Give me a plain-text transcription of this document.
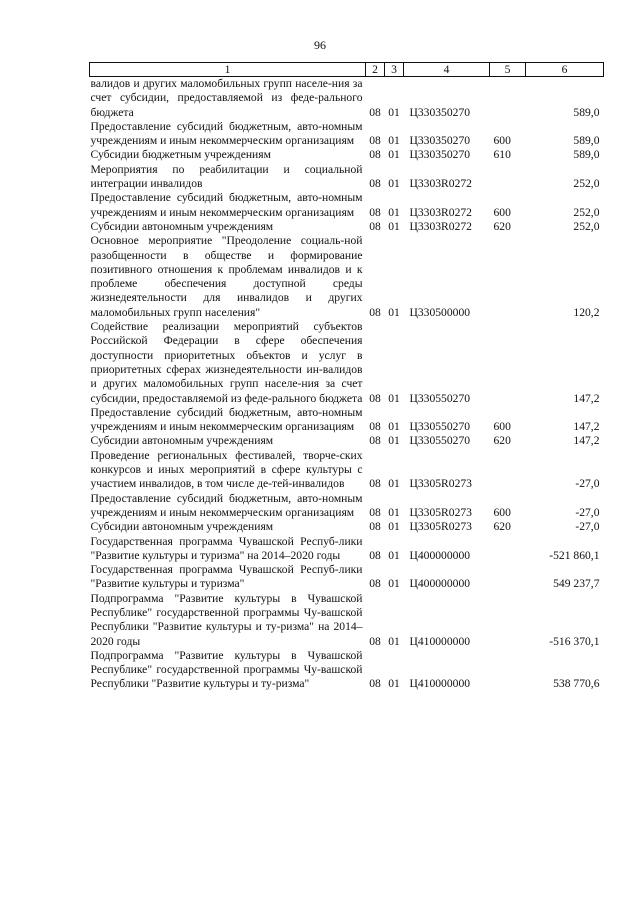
96
1	2	3	4	5	6
валидов и других маломобильных групп населе-ния за счет субсидии, предоставляемой из феде-рального бюджета	08	01	Ц330350270		589,0
Предоставление субсидий бюджетным, авто-номным учреждениям и иным некоммерческим организациям	08	01	Ц330350270	600	589,0
Субсидии бюджетным учреждениям	08	01	Ц330350270	610	589,0
Мероприятия по реабилитации и социальной интеграции инвалидов	08	01	Ц3303R0272		252,0
Предоставление субсидий бюджетным, авто-номным учреждениям и иным некоммерческим организациям	08	01	Ц3303R0272	600	252,0
Субсидии автономным учреждениям	08	01	Ц3303R0272	620	252,0
Основное мероприятие "Преодоление социаль-ной разобщенности в обществе и формирование позитивного отношения к проблемам инвалидов и к проблеме обеспечения доступной среды жизнедеятельности для инвалидов и других маломобильных групп населения"	08	01	Ц330500000		120,2
Содействие реализации мероприятий субъектов Российской Федерации в сфере обеспечения доступности приоритетных объектов и услуг в приоритетных сферах жизнедеятельности ин-валидов и других маломобильных групп населе-ния за счет субсидии, предоставляемой из феде-рального бюджета	08	01	Ц330550270		147,2
Предоставление субсидий бюджетным, авто-номным учреждениям и иным некоммерческим организациям	08	01	Ц330550270	600	147,2
Субсидии автономным учреждениям	08	01	Ц330550270	620	147,2
Проведение региональных фестивалей, творче-ских конкурсов и иных мероприятий в сфере культуры с участием инвалидов, в том числе де-тей-инвалидов	08	01	Ц3305R0273		-27,0
Предоставление субсидий бюджетным, авто-номным учреждениям и иным некоммерческим организациям	08	01	Ц3305R0273	600	-27,0
Субсидии автономным учреждениям	08	01	Ц3305R0273	620	-27,0
Государственная программа Чувашской Респуб-лики "Развитие культуры и туризма" на 2014–2020 годы	08	01	Ц400000000		-521 860,1
Государственная программа Чувашской Респуб-лики "Развитие культуры и туризма"	08	01	Ц400000000		549 237,7
Подпрограмма "Развитие культуры в Чувашской Республике" государственной программы Чу-вашской Республики "Развитие культуры и ту-ризма" на 2014–2020 годы	08	01	Ц410000000		-516 370,1
Подпрограмма "Развитие культуры в Чувашской Республике" государственной программы Чу-вашской Республики "Развитие культуры и ту-ризма"	08	01	Ц410000000		538 770,6
